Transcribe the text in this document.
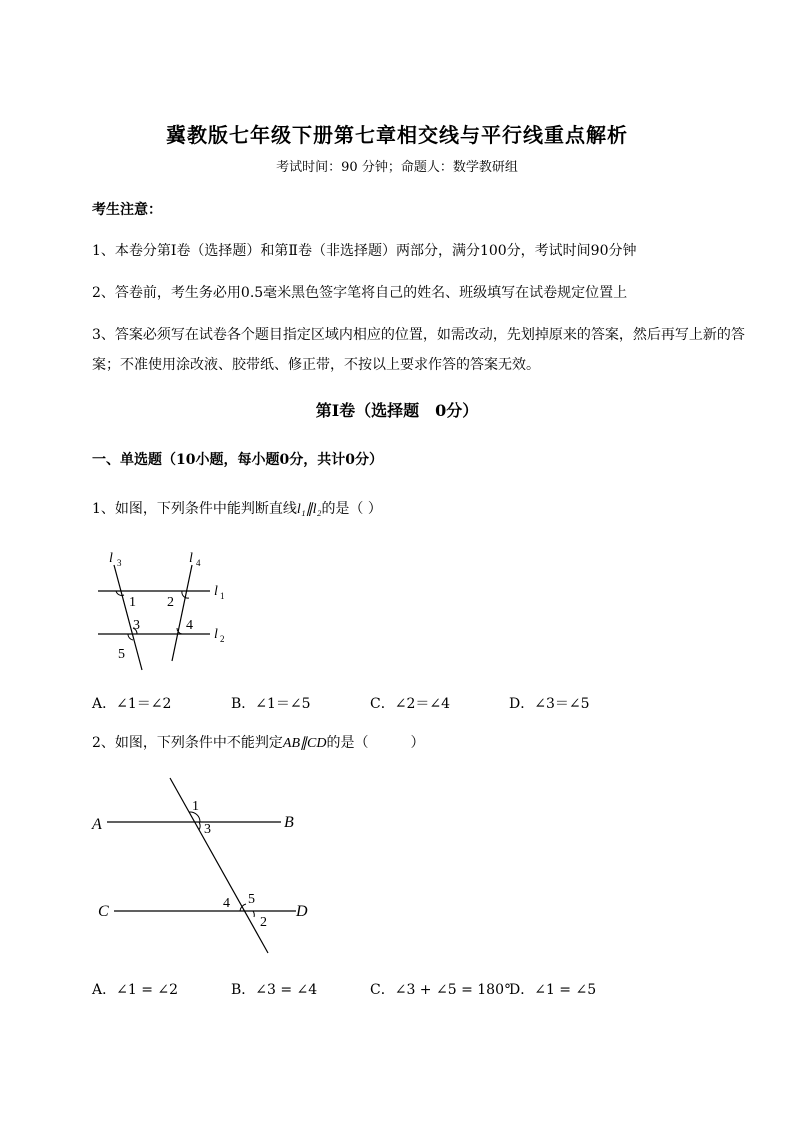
冀教版七年级下册第七章相交线与平行线重点解析
考试时间：90 分钟；命题人：数学教研组
考生注意：
1、本卷分第I卷（选择题）和第Ⅱ卷（非选择题）两部分，满分100分，考试时间90分钟
2、答卷前，考生务必用0.5毫米黑色签字笔将自己的姓名、班级填写在试卷规定位置上
3、答案必须写在试卷各个题目指定区域内相应的位置，如需改动，先划掉原来的答案，然后再写上新的答案；不准使用涂改液、胶带纸、修正带，不按以上要求作答的答案无效。
第I卷（选择题　0分）
一、单选题（10小题，每小题0分，共计0分）
1、如图，下列条件中能判断直线l₁∥l₂的是（ ）
l 3	l 4
l 1
l 2
1 2
3	4
5
A．∠1＝∠2	B．∠1＝∠5	C．∠2＝∠4	D．∠3＝∠5
2、如图，下列条件中不能判定AB∥CD的是（　　　）
A	B
C	D
1
3
4 5
2
A．∠1 = ∠2	B．∠3 = ∠4	C．∠3 + ∠5 = 180°
D．∠1 = ∠5
